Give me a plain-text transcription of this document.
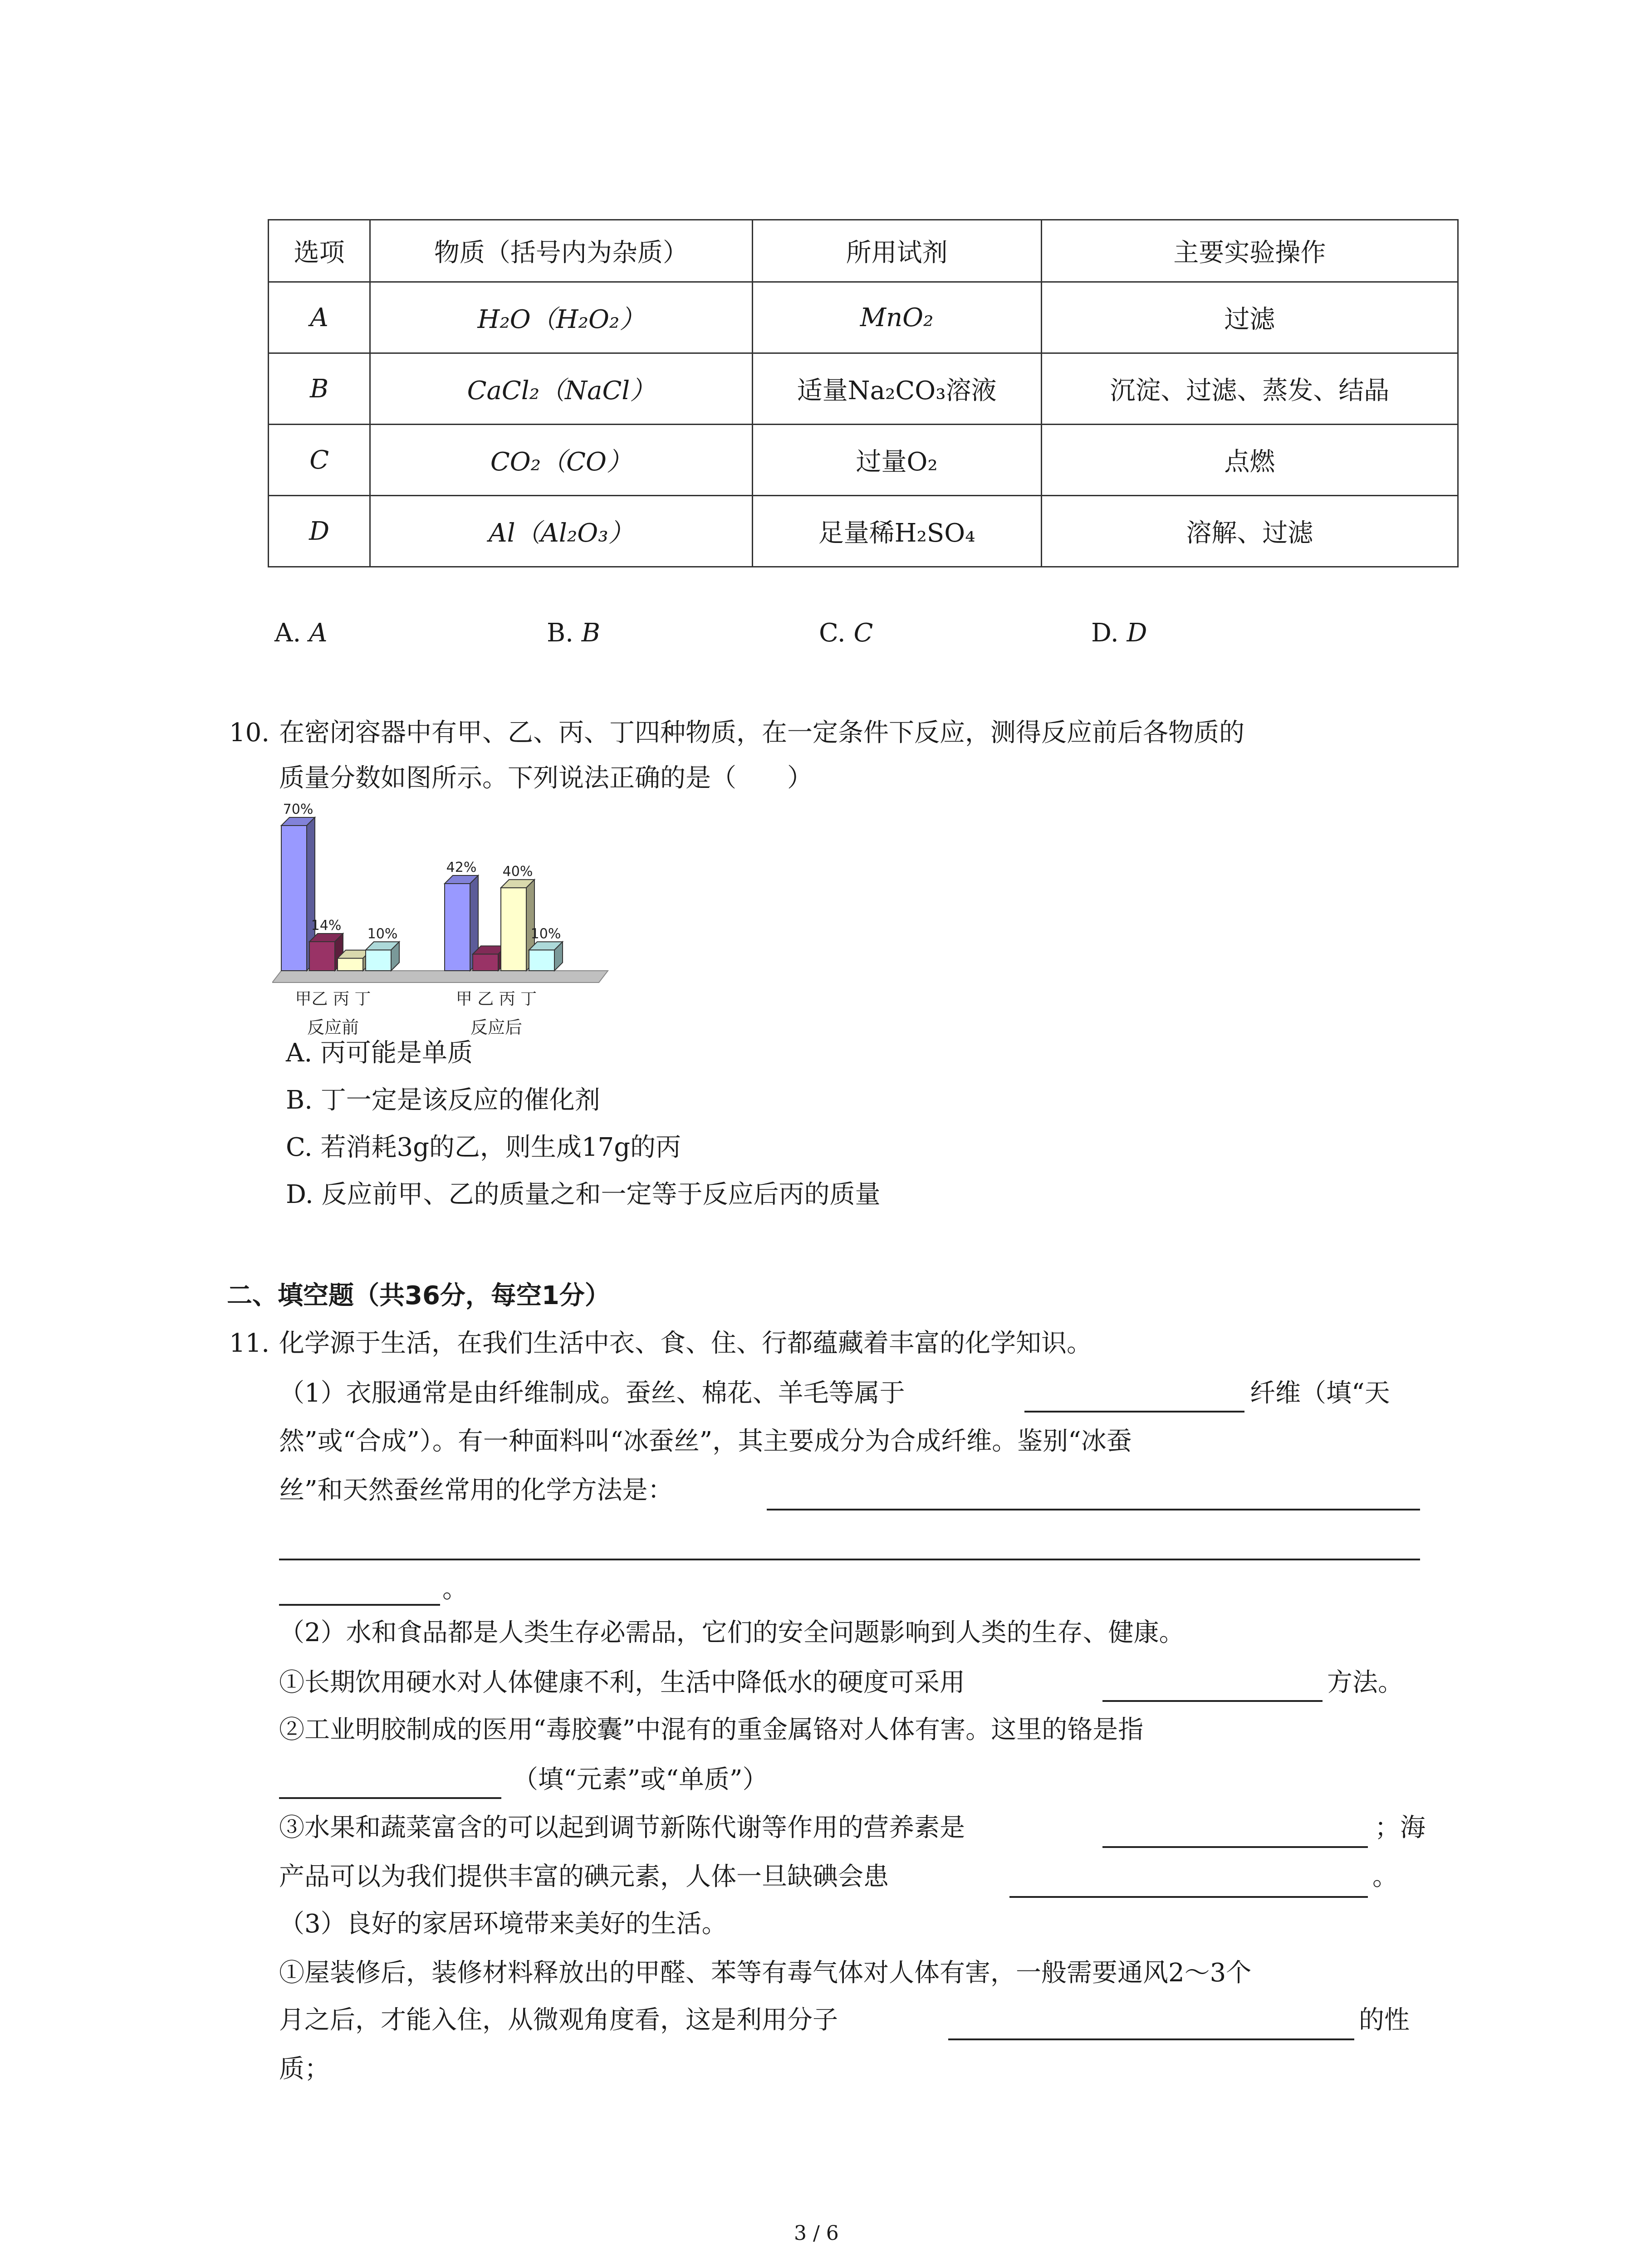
选项	物质（括号内为杂质）	所用试剂	主要实验操作
A	H₂O（H₂O₂）	MnO₂	过滤
B	CaCl₂（NaCl）	适量Na₂CO₃溶液	沉淀、过滤、蒸发、结晶
C	CO₂（CO）	过量O₂	点燃
D	Al（Al₂O₃）	足量稀H₂SO₄	溶解、过滤
A. A	B. B	C. C	D. D
10. 在密闭容器中有甲、乙、丙、丁四种物质，在一定条件下反应，测得反应前后各物质的
质量分数如图所示。下列说法正确的是（　　）
70%
14%
10%
甲乙 丙 丁
反应前
42% 40%
10%
甲 乙 丙 丁
反应后
A. 丙可能是单质
B. 丁一定是该反应的催化剂
C. 若消耗3g的乙，则生成17g的丙
D. 反应前甲、乙的质量之和一定等于反应后丙的质量
二、填空题（共36分，每空1分）
11. 化学源于生活，在我们生活中衣、食、住、行都蕴藏着丰富的化学知识。
（1）衣服通常是由纤维制成。蚕丝、棉花、羊毛等属于	纤维（填“天
然”或“合成”）。有一种面料叫“冰蚕丝”，其主要成分为合成纤维。鉴别“冰蚕
丝”和天然蚕丝常用的化学方法是：
。
（2）水和食品都是人类生存必需品，它们的安全问题影响到人类的生存、健康。
①长期饮用硬水对人体健康不利，生活中降低水的硬度可采用	方法。
②工业明胶制成的医用“毒胶囊”中混有的重金属铬对人体有害。这里的铬是指
（填“元素”或“单质”）
③水果和蔬菜富含的可以起到调节新陈代谢等作用的营养素是	；海
产品可以为我们提供丰富的碘元素，人体一旦缺碘会患	。
（3）良好的家居环境带来美好的生活。
①屋装修后，装修材料释放出的甲醛、苯等有毒气体对人体有害，一般需要通风2～3个
月之后，才能入住，从微观角度看，这是利用分子	的性
质；
3 / 6
